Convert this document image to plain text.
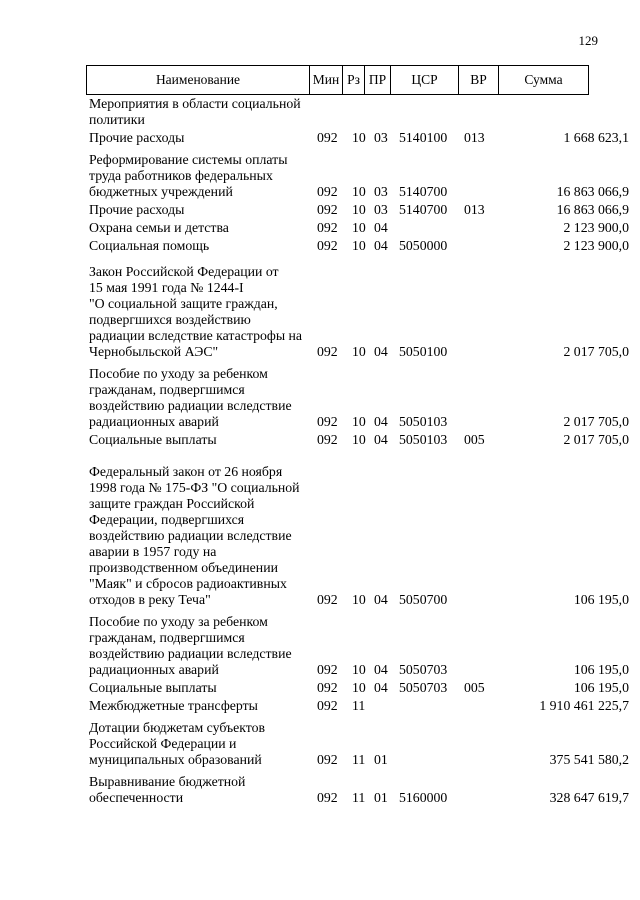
129
Наименование	Мин Рз ПР	ЦСР	ВР	Сумма
Мероприятия в области социальной
политики
Прочие расходы	092	10 03 5140100	013	1 668 623,1
Реформирование системы оплаты
труда работников федеральных
бюджетных учреждений	092	10 03 5140700	16 863 066,9
Прочие расходы	092	10 03 5140700	013	16 863 066,9
Охрана семьи и детства	092	10 04	2 123 900,0
Социальная помощь	092	10 04 5050000	2 123 900,0
Закон Российской Федерации от
15 мая 1991 года № 1244-I
"О социальной защите граждан,
подвергшихся воздействию
радиации вследствие катастрофы на
Чернобыльской АЭС"	092	10 04 5050100	2 017 705,0
Пособие по уходу за ребенком
гражданам, подвергшимся
воздействию радиации вследствие
радиационных аварий	092	10 04 5050103	2 017 705,0
Социальные выплаты	092	10 04 5050103	005	2 017 705,0
Федеральный закон от 26 ноября
1998 года № 175-ФЗ "О социальной
защите граждан Российской
Федерации, подвергшихся
воздействию радиации вследствие
аварии в 1957 году на
производственном объединении
"Маяк" и сбросов радиоактивных
отходов в реку Теча"	092	10 04 5050700	106 195,0
Пособие по уходу за ребенком
гражданам, подвергшимся
воздействию радиации вследствие
радиационных аварий	092	10 04 5050703	106 195,0
Социальные выплаты	092	10 04 5050703	005	106 195,0
Межбюджетные трансферты	092	11	1 910 461 225,7
Дотации бюджетам субъектов
Российской Федерации и
муниципальных образований	092	11 01	375 541 580,2
Выравнивание бюджетной
обеспеченности	092	11 01 5160000	328 647 619,7
